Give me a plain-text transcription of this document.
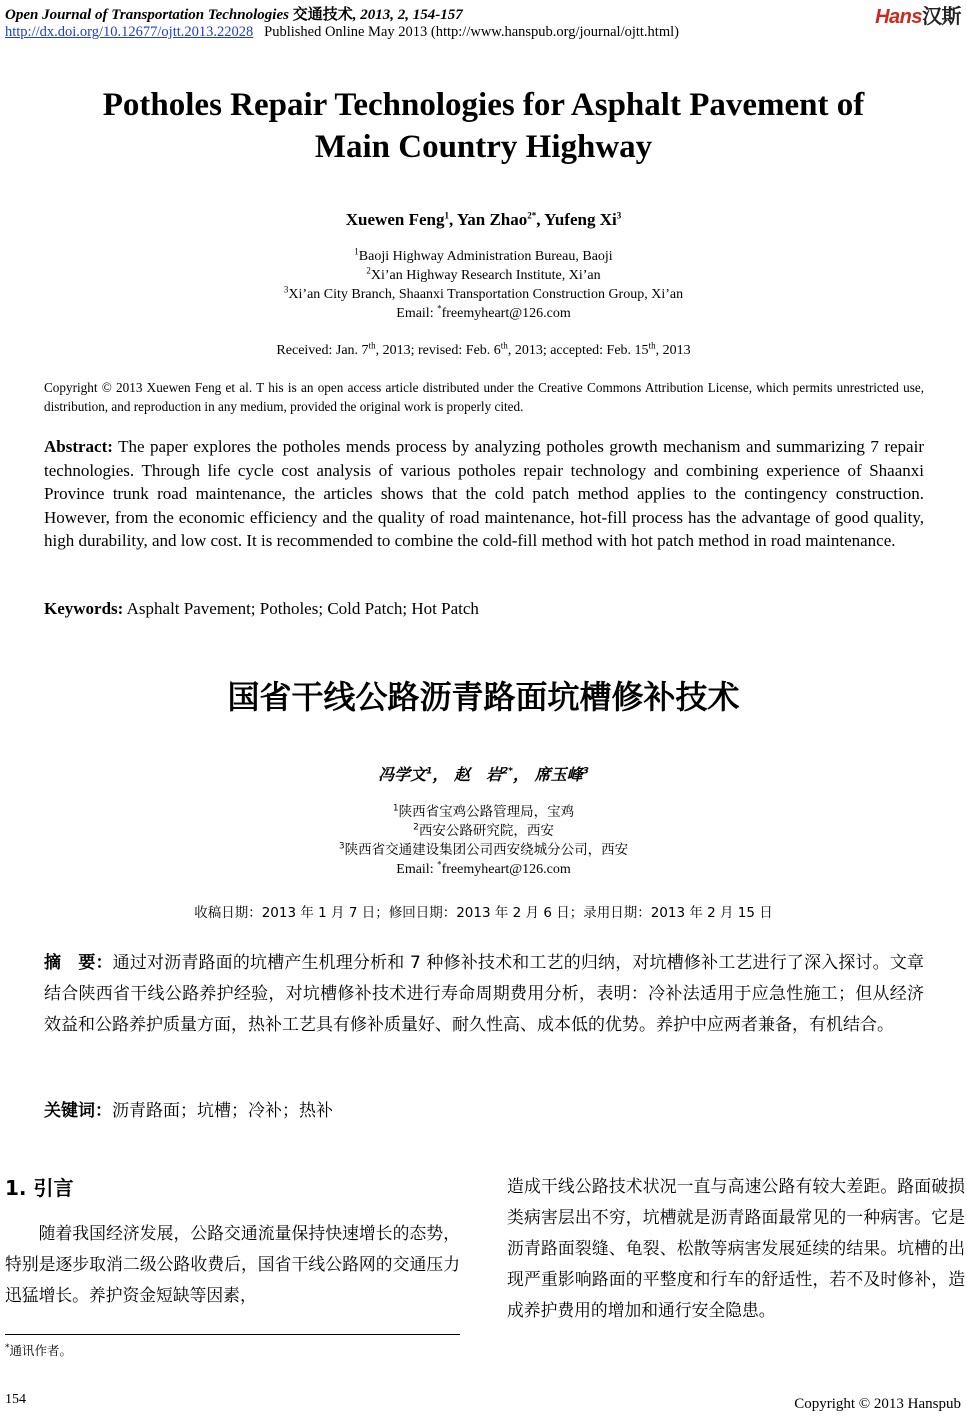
Open Journal of Transportation Technologies 交通技术, 2013, 2, 154-157	Hans汉斯
http://dx.doi.org/10.12677/ojtt.2013.22028 Published Online May 2013 (http://www.hanspub.org/journal/ojtt.html)
Potholes Repair Technologies for Asphalt Pavement of
Main Country Highway
Xuewen Feng$^1$, Yan Zhao$^{2*}$, Yufeng Xi$^3$
$^1$Baoji Highway Administration Bureau, Baoji
$^2$Xi’an Highway Research Institute, Xi’an
$^3$Xi’an City Branch, Shaanxi Transportation Construction Group, Xi’an
Email: *freemyheart@126.com
Received: Jan. 7th, 2013; revised: Feb. 6th, 2013; accepted: Feb. 15th, 2013
Copyright © 2013 Xuewen Feng et al. T his is an open access article distributed under the Creative Commons Attribution License, which permits unrestricted use, distribution, and reproduction in any medium, provided the original work is properly cited.
Abstract: The paper explores the potholes mends process by analyzing potholes growth mechanism and summarizing 7 repair technologies. Through life cycle cost analysis of various potholes repair technology and combining experience of Shaanxi Province trunk road maintenance, the articles shows that the cold patch method applies to the contingency construction. However, from the economic efficiency and the quality of road maintenance, hot-fill process has the advantage of good quality, high durability, and low cost. It is recommended to combine the cold-fill method with hot patch method in road maintenance.
Keywords: Asphalt Pavement; Potholes; Cold Patch; Hot Patch
国省干线公路沥青路面坑槽修补技术
冯学文$^1$， 赵　岩$^{2*}$， 席玉峰$^3$
$^1$陕西省宝鸡公路管理局，宝鸡
$^2$西安公路研究院，西安
$^3$陕西省交通建设集团公司西安绕城分公司，西安
Email: *freemyheart@126.com
收稿日期：2013 年 1 月 7 日；修回日期：2013 年 2 月 6 日；录用日期：2013 年 2 月 15 日
摘　要：通过对沥青路面的坑槽产生机理分析和 7 种修补技术和工艺的归纳，对坑槽修补工艺进行了深入探讨。文章结合陕西省干线公路养护经验，对坑槽修补技术进行寿命周期费用分析，表明：冷补法适用于应急性施工；但从经济效益和公路养护质量方面，热补工艺具有修补质量好、耐久性高、成本低的优势。养护中应两者兼备，有机结合。
关键词：沥青路面；坑槽；冷补；热补
1. 引言
随着我国经济发展，公路交通流量保持快速增长的态势，特别是逐步取消二级公路收费后，国省干线公路网的交通压力迅猛增长。养护资金短缺等因素，
造成干线公路技术状况一直与高速公路有较大差距。路面破损类病害层出不穷，坑槽就是沥青路面最常见的一种病害。它是沥青路面裂缝、龟裂、松散等病害发展延续的结果。坑槽的出现严重影响路面的平整度和行车的舒适性，若不及时修补，造成养护费用的增加和通行安全隐患。
*通讯作者。
154	Copyright © 2013 Hanspub
